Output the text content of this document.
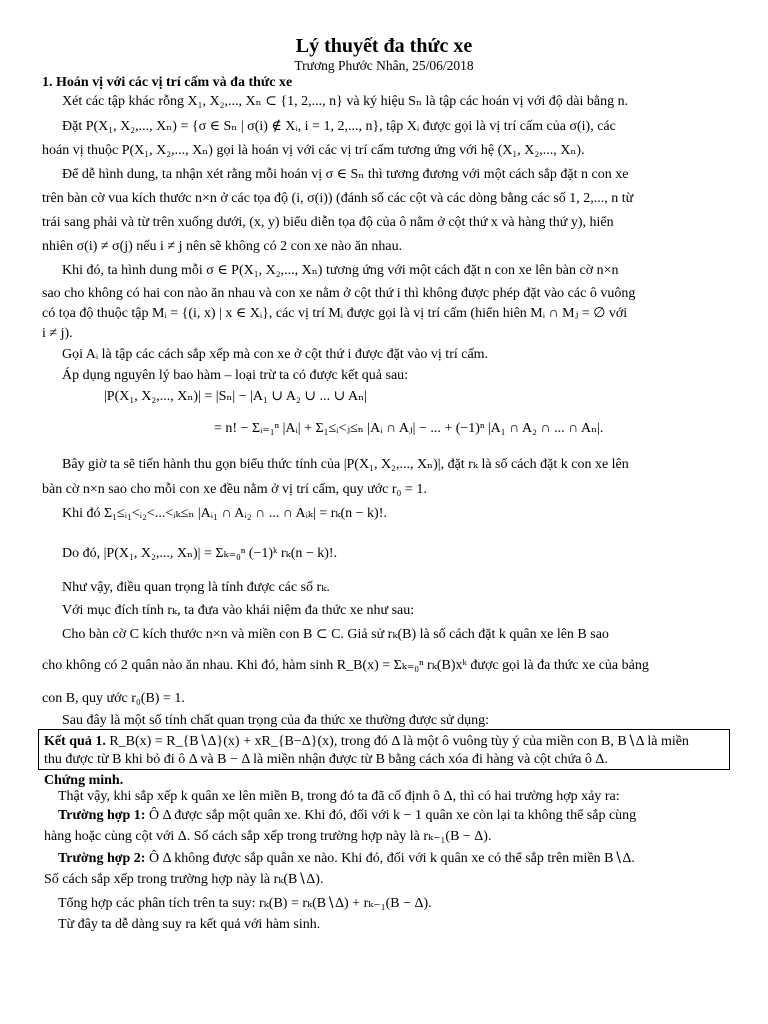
Lý thuyết đa thức xe
Trương Phước Nhân, 25/06/2018
1. Hoán vị với các vị trí cấm và đa thức xe
Xét các tập khác rỗng X₁, X₂,..., Xₙ ⊂ {1, 2,..., n} và ký hiệu Sₙ là tập các hoán vị với độ dài bằng n.
Đặt P(X₁, X₂,..., Xₙ) = {σ ∈ Sₙ | σ(i) ∉ Xᵢ, i = 1, 2,..., n}, tập Xᵢ được gọi là vị trí cấm của σ(i), các
hoán vị thuộc P(X₁, X₂,..., Xₙ) gọi là hoán vị với các vị trí cấm tương ứng với hệ (X₁, X₂,..., Xₙ).
Để dễ hình dung, ta nhận xét rằng mỗi hoán vị σ ∈ Sₙ thì tương đương với một cách sắp đặt n con xe
trên bàn cờ vua kích thước n×n ở các tọa độ (i, σ(i)) (đánh số các cột và các dòng bằng các số 1, 2,..., n từ
trái sang phải và từ trên xuống dưới, (x, y) biểu diễn tọa độ của ô nằm ở cột thứ x và hàng thứ y), hiển
nhiên σ(i) ≠ σ(j) nếu i ≠ j nên sẽ không có 2 con xe nào ăn nhau.
Khi đó, ta hình dung mỗi σ ∈ P(X₁, X₂,..., Xₙ) tương ứng với một cách đặt n con xe lên bàn cờ n×n
sao cho không có hai con nào ăn nhau và con xe nằm ở cột thứ i thì không được phép đặt vào các ô vuông
có tọa độ thuộc tập Mᵢ = {(i, x) | x ∈ Xᵢ}, các vị trí Mᵢ được gọi là vị trí cấm (hiển hiên Mᵢ ∩ Mⱼ = ∅ với
i ≠ j).
Gọi Aᵢ là tập các cách sắp xếp mà con xe ở cột thứ i được đặt vào vị trí cấm.
Áp dụng nguyên lý bao hàm – loại trừ ta có được kết quả sau:
|P(X₁, X₂,..., Xₙ)| = |Sₙ| − |A₁ ∪ A₂ ∪ ... ∪ Aₙ|
= n! − Σᵢ₌₁ⁿ |Aᵢ| + Σ₁≤ᵢ<ⱼ≤ₙ |Aᵢ ∩ Aⱼ| − ... + (−1)ⁿ |A₁ ∩ A₂ ∩ ... ∩ Aₙ|.
Bây giờ ta sẽ tiến hành thu gọn biểu thức tính của |P(X₁, X₂,..., Xₙ)|, đặt rₖ là số cách đặt k con xe lên
bàn cờ n×n sao cho mỗi con xe đều nằm ở vị trí cấm, quy ước r₀ = 1.
Khi đó Σ₁≤ᵢ₁<ᵢ₂<...<ᵢₖ≤ₙ |Aᵢ₁ ∩ Aᵢ₂ ∩ ... ∩ Aᵢₖ| = rₖ(n − k)!.
Do đó, |P(X₁, X₂,..., Xₙ)| = Σₖ₌₀ⁿ (−1)ᵏ rₖ(n − k)!.
Như vậy, điều quan trọng là tính được các số rₖ.
Với mục đích tính rₖ, ta đưa vào khái niệm đa thức xe như sau:
Cho bàn cờ C kích thước n×n và miền con B ⊂ C. Giả sử rₖ(B) là số cách đặt k quân xe lên B sao
cho không có 2 quân nào ăn nhau. Khi đó, hàm sinh R_B(x) = Σₖ₌₀ⁿ rₖ(B)xᵏ được gọi là đa thức xe của bảng
con B, quy ước r₀(B) = 1.
Sau đây là một số tính chất quan trọng của đa thức xe thường được sử dụng:
Kết quả 1. R_B(x) = R_{B∖Δ}(x) + xR_{B−Δ}(x), trong đó Δ là một ô vuông tùy ý của miền con B, B∖Δ là miền
thu được từ B khi bỏ đi ô Δ và B − Δ là miền nhận được từ B bằng cách xóa đi hàng và cột chứa ô Δ.
Chứng minh.
Thật vậy, khi sắp xếp k quân xe lên miền B, trong đó ta đã cố định ô Δ, thì có hai trường hợp xảy ra:
Trường hợp 1: Ô Δ được sắp một quân xe. Khi đó, đối với k − 1 quân xe còn lại ta không thể sắp cùng
hàng hoặc cùng cột với Δ. Số cách sắp xếp trong trường hợp này là rₖ₋₁(B − Δ).
Trường hợp 2: Ô Δ không được sắp quân xe nào. Khi đó, đối với k quân xe có thể sắp trên miền B∖Δ.
Số cách sắp xếp trong trường hợp này là rₖ(B∖Δ).
Tổng hợp các phân tích trên ta suy: rₖ(B) = rₖ(B∖Δ) + rₖ₋₁(B − Δ).
Từ đây ta dễ dàng suy ra kết quả với hàm sinh.
